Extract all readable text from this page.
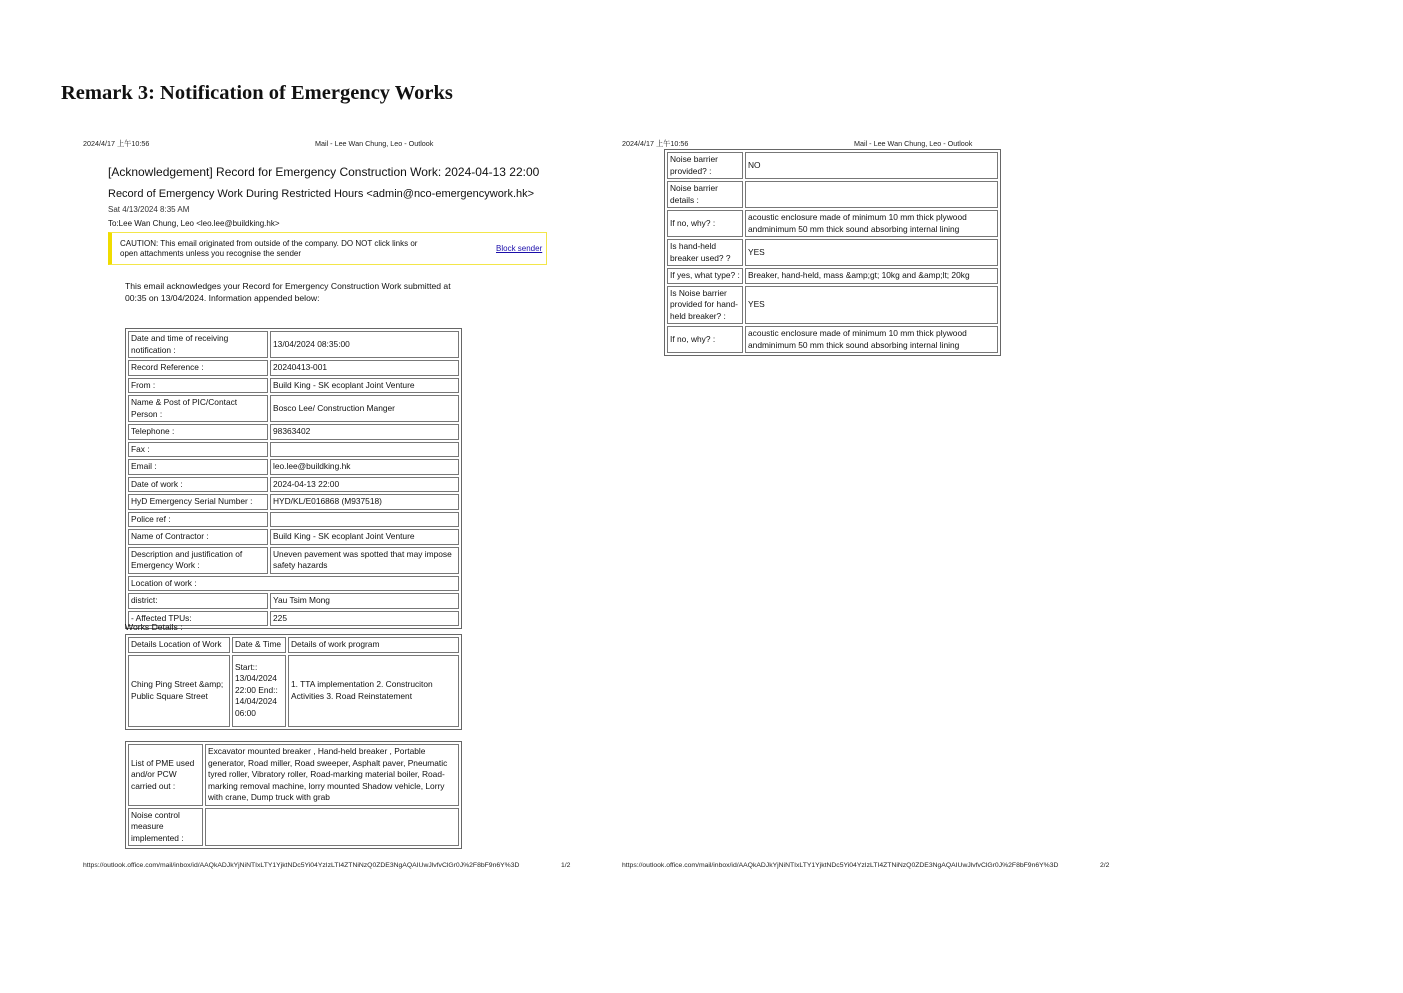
Remark 3: Notification of Emergency Works
2024/4/17 上午10:56	Mail - Lee Wan Chung, Leo - Outlook
[Acknowledgement] Record for Emergency Construction Work: 2024-04-13 22:00
Record of Emergency Work During Restricted Hours <admin@nco-emergencywork.hk>
Sat 4/13/2024 8:35 AM
To:Lee Wan Chung, Leo <leo.lee@buildking.hk>
CAUTION: This email originated from outside of the company. DO NOT click links or open attachments unless you recognise the sender
Block sender
This email acknowledges your Record for Emergency Construction Work submitted at 00:35 on 13/04/2024. Information appended below:
Date and time of receiving notification :	13/04/2024 08:35:00
Record Reference :	20240413-001
From :	Build King - SK ecoplant Joint Venture
Name & Post of PIC/Contact Person :	Bosco Lee/ Construction Manger
Telephone :	98363402
Fax :	
Email :	leo.lee@buildking.hk
Date of work :	2024-04-13 22:00
HyD Emergency Serial Number :	HYD/KL/E016868 (M937518)
Police ref :	
Name of Contractor :	Build King - SK ecoplant Joint Venture
Description and justification of Emergency Work :	Uneven pavement was spotted that may impose safety hazards
Location of work :	
district:	Yau Tsim Mong
- Affected TPUs:	225
Works Details :
Details Location of Work	Date & Time	Details of work program
Ching Ping Street &amp; Public Square Street	Start:: 13/04/2024 22:00 End:: 14/04/2024 06:00	1. TTA implementation 2. Construciton Activities 3. Road Reinstatement
List of PME used and/or PCW carried out :	Excavator mounted breaker , Hand-held breaker , Portable generator, Road miller, Road sweeper, Asphalt paver, Pneumatic tyred roller, Vibratory roller, Road-marking material boiler, Road-marking removal machine, lorry mounted Shadow vehicle, Lorry with crane, Dump truck with grab
Noise control measure implemented :	
https://outlook.office.com/mail/inbox/id/AAQkADJkYjNiNTIxLTY1YjktNDc5Yi04YzIzLTI4ZTNiNzQ0ZDE3NgAQAIUwJlvfvClGr0J%2F8bF9n6Y%3D	1/2
2024/4/17 上午10:56	Mail - Lee Wan Chung, Leo - Outlook
Noise barrier provided? :	NO
Noise barrier details :	
If no, why? :	acoustic enclosure made of minimum 10 mm thick plywood andminimum 50 mm thick sound absorbing internal lining
Is hand-held breaker used? ?	YES
If yes, what type? :	Breaker, hand-held, mass &amp;gt; 10kg and &amp;lt; 20kg
Is Noise barrier provided for hand-held breaker? :	YES
If no, why? :	acoustic enclosure made of minimum 10 mm thick plywood andminimum 50 mm thick sound absorbing internal lining
https://outlook.office.com/mail/inbox/id/AAQkADJkYjNiNTIxLTY1YjktNDc5Yi04YzIzLTI4ZTNiNzQ0ZDE3NgAQAIUwJlvfvClGr0J%2F8bF9n6Y%3D	2/2
